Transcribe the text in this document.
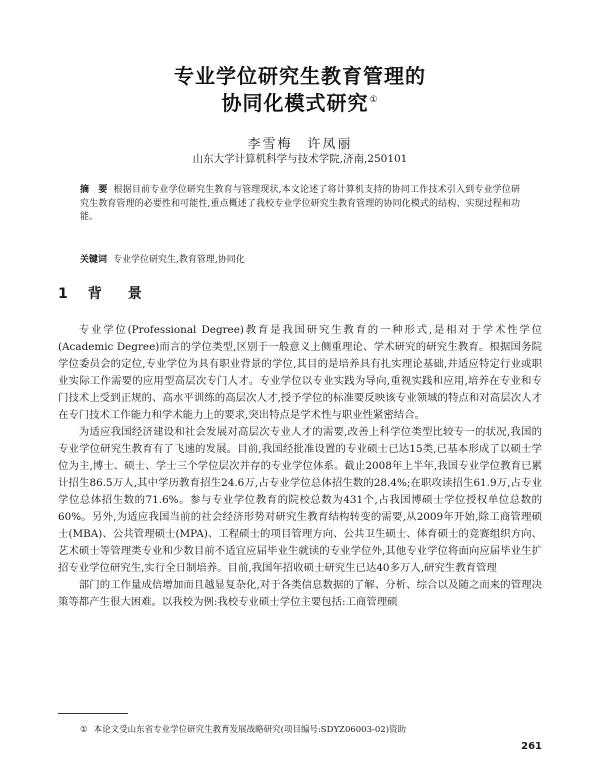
专业学位研究生教育管理的
协同化模式研究①
李雪梅　许凤丽
山东大学计算机科学与技术学院,济南,250101
摘　要 根据目前专业学位研究生教育与管理现状,本文论述了将计算机支持的协同工作技术引入到专业学位研究生教育管理的必要性和可能性,重点概述了我校专业学位研究生教育管理的协同化模式的结构、实现过程和功能。
关键词 专业学位研究生,教育管理,协同化
1 背　景

专业学位(Professional Degree)教育是我国研究生教育的一种形式,是相对于学术性学位(Academic Degree)而言的学位类型,区别于一般意义上侧重理论、学术研究的研究生教育。根据国务院学位委员会的定位,专业学位为具有职业背景的学位,其目的是培养具有扎实理论基础,并适应特定行业或职业实际工作需要的应用型高层次专门人才。专业学位以专业实践为导向,重视实践和应用,培养在专业和专门技术上受到正规的、高水平训练的高层次人才,授予学位的标准要反映该专业领域的特点和对高层次人才在专门技术工作能力和学术能力上的要求,突出特点是学术性与职业性紧密结合。

为适应我国经济建设和社会发展对高层次专业人才的需要,改善上科学位类型比较专一的状况,我国的专业学位研究生教育有了飞速的发展。目前,我国经批准设置的专业硕士已达15类,已基本形成了以硕士学位为主,博士、硕士、学士三个学位层次并存的专业学位体系。截止2008年上半年,我国专业学位教育已累计招生86.5万人,其中学历教育招生24.6万,占专业学位总体招生数的28.4%;在职攻读招生61.9万,占专业学位总体招生数的71.6%。参与专业学位教育的院校总数为431个,占我国博硕士学位授权单位总数的60%。另外,为适应我国当前的社会经济形势对研究生教育结构转变的需要,从2009年开始,除工商管理硕士(MBA)、公共管理硕士(MPA)、工程硕士的项目管理方向、公共卫生硕士、体育硕士的竞赛组织方向、艺术硕士等管理类专业和少数目前不适宜应届毕业生就读的专业学位外,其他专业学位将面向应届毕业生扩招专业学位研究生,实行全日制培养。目前,我国年招收硕士研究生已达40多万人,研究生教育管理

部门的工作量成倍增加而且越显复杂化,对于各类信息数据的了解、分析、综合以及随之而来的管理决策等都产生很大困难。以我校为例:我校专业硕士学位主要包括:工商管理硕

① 本论文受山东省专业学位研究生教育发展战略研究(项目编号:SDYZ06003-02)资助
261
